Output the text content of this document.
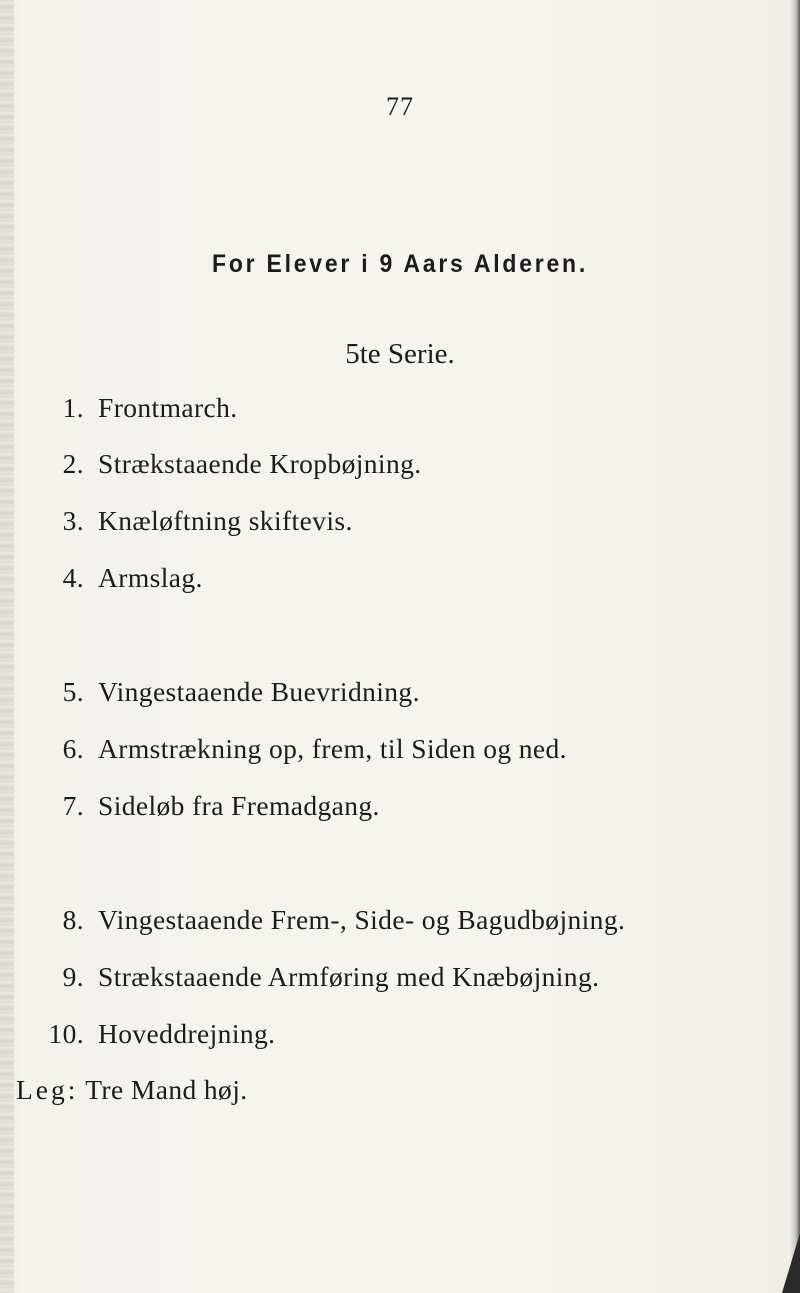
77
For Elever i 9 Aars Alderen.
5te Serie.
1. Frontmarch.
2. Strækstaaende Kropbøjning.
3. Knæløftning skiftevis.
4. Armslag.
5. Vingestaaende Buevridning.
6. Armstrækning op, frem, til Siden og ned.
7. Sideløb fra Fremadgang.
8. Vingestaaende Frem-, Side- og Bagudbøjning.
9. Strækstaaende Armføring med Knæbøjning.
10. Hoveddrejning.
Leg: Tre Mand høj.
